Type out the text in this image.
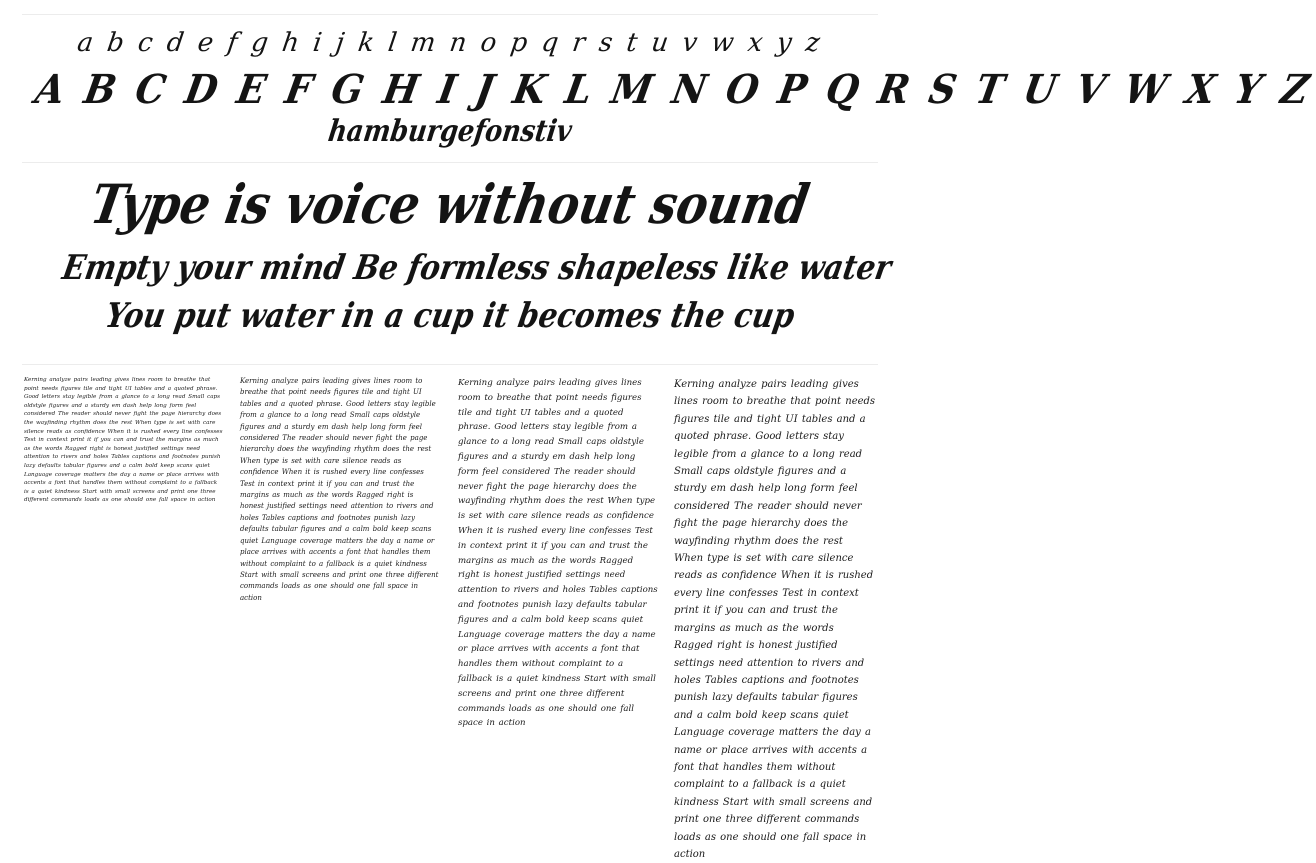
a b c d e f g h i j k l m n o p q r s t u v w x y z
A B C D E F G H I J K L M N O P Q R S T U V W X Y Z
hamburgefonstiv
Type is voice without sound
Empty your mind Be formless shapeless like water
You put water in a cup it becomes the cup
Kerning analyze pairs leading gives lines room to breathe that point needs figures tile and tight UI tables and a quoted phrase. Good letters stay legible from a glance to a long read Small caps oldstyle figures and a sturdy em dash help long form feel considered The reader should never fight the page hierarchy does the wayfinding rhythm does the rest When type is set with care silence reads as confidence When it is rushed every line confesses Test in context print it if you can and trust the margins as much as the words Ragged right is honest justified settings need attention to rivers and holes Tables captions and footnotes punish lazy defaults tabular figures and a calm bold keep scans quiet Language coverage matters the day a name or place arrives with accents a font that handles them without complaint to a fallback is a quiet kindness Start with small screens and print one three different commands loads as one should one fall space in action
Kerning analyze pairs leading gives lines room to breathe that point needs figures tile and tight UI tables and a quoted phrase. Good letters stay legible from a glance to a long read Small caps oldstyle figures and a sturdy em dash help long form feel considered The reader should never fight the page hierarchy does the wayfinding rhythm does the rest When type is set with care silence reads as confidence When it is rushed every line confesses Test in context print it if you can and trust the margins as much as the words Ragged right is honest justified settings need attention to rivers and holes Tables captions and footnotes punish lazy defaults tabular figures and a calm bold keep scans quiet Language coverage matters the day a name or place arrives with accents a font that handles them without complaint to a fallback is a quiet kindness Start with small screens and print one three different commands loads as one should one fall space in action
Kerning analyze pairs leading gives lines room to breathe that point needs figures tile and tight UI tables and a quoted phrase. Good letters stay legible from a glance to a long read Small caps oldstyle figures and a sturdy em dash help long form feel considered The reader should never fight the page hierarchy does the wayfinding rhythm does the rest When type is set with care silence reads as confidence When it is rushed every line confesses Test in context print it if you can and trust the margins as much as the words Ragged right is honest justified settings need attention to rivers and holes Tables captions and footnotes punish lazy defaults tabular figures and a calm bold keep scans quiet Language coverage matters the day a name or place arrives with accents a font that handles them without complaint to a fallback is a quiet kindness Start with small screens and print one three different commands loads as one should one fall space in action
Kerning analyze pairs leading gives lines room to breathe that point needs figures tile and tight UI tables and a quoted phrase. Good letters stay legible from a glance to a long read Small caps oldstyle figures and a sturdy em dash help long form feel considered The reader should never fight the page hierarchy does the wayfinding rhythm does the rest When type is set with care silence reads as confidence When it is rushed every line confesses Test in context print it if you can and trust the margins as much as the words Ragged right is honest justified settings need attention to rivers and holes Tables captions and footnotes punish lazy defaults tabular figures and a calm bold keep scans quiet Language coverage matters the day a name or place arrives with accents a font that handles them without complaint to a fallback is a quiet kindness Start with small screens and print one three different commands loads as one should one fall space in action
